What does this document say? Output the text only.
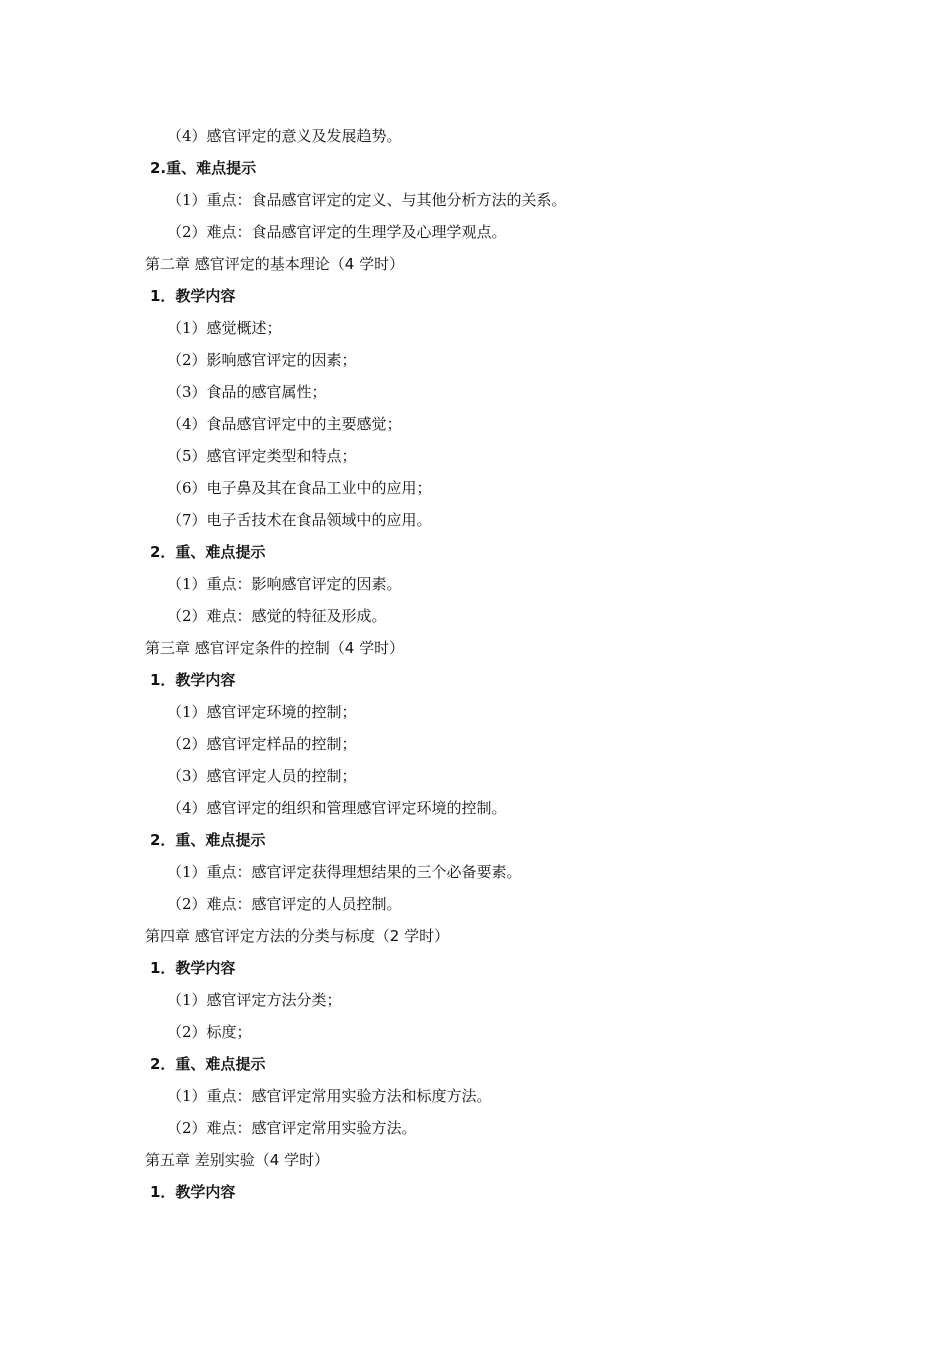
（4）感官评定的意义及发展趋势。
2.重、难点提示
（1）重点：食品感官评定的定义、与其他分析方法的关系。
（2）难点：食品感官评定的生理学及心理学观点。
第二章 感官评定的基本理论（4 学时）
1．教学内容
（1）感觉概述；
（2）影响感官评定的因素；
（3）食品的感官属性；
（4）食品感官评定中的主要感觉；
（5）感官评定类型和特点；
（6）电子鼻及其在食品工业中的应用；
（7）电子舌技术在食品领域中的应用。
2．重、难点提示
（1）重点：影响感官评定的因素。
（2）难点：感觉的特征及形成。
第三章 感官评定条件的控制（4 学时）
1．教学内容
（1）感官评定环境的控制；
（2）感官评定样品的控制；
（3）感官评定人员的控制；
（4）感官评定的组织和管理感官评定环境的控制。
2．重、难点提示
（1）重点：感官评定获得理想结果的三个必备要素。
（2）难点：感官评定的人员控制。
第四章 感官评定方法的分类与标度（2 学时）
1．教学内容
（1）感官评定方法分类；
（2）标度；
2．重、难点提示
（1）重点：感官评定常用实验方法和标度方法。
（2）难点：感官评定常用实验方法。
第五章 差别实验（4 学时）
1．教学内容
